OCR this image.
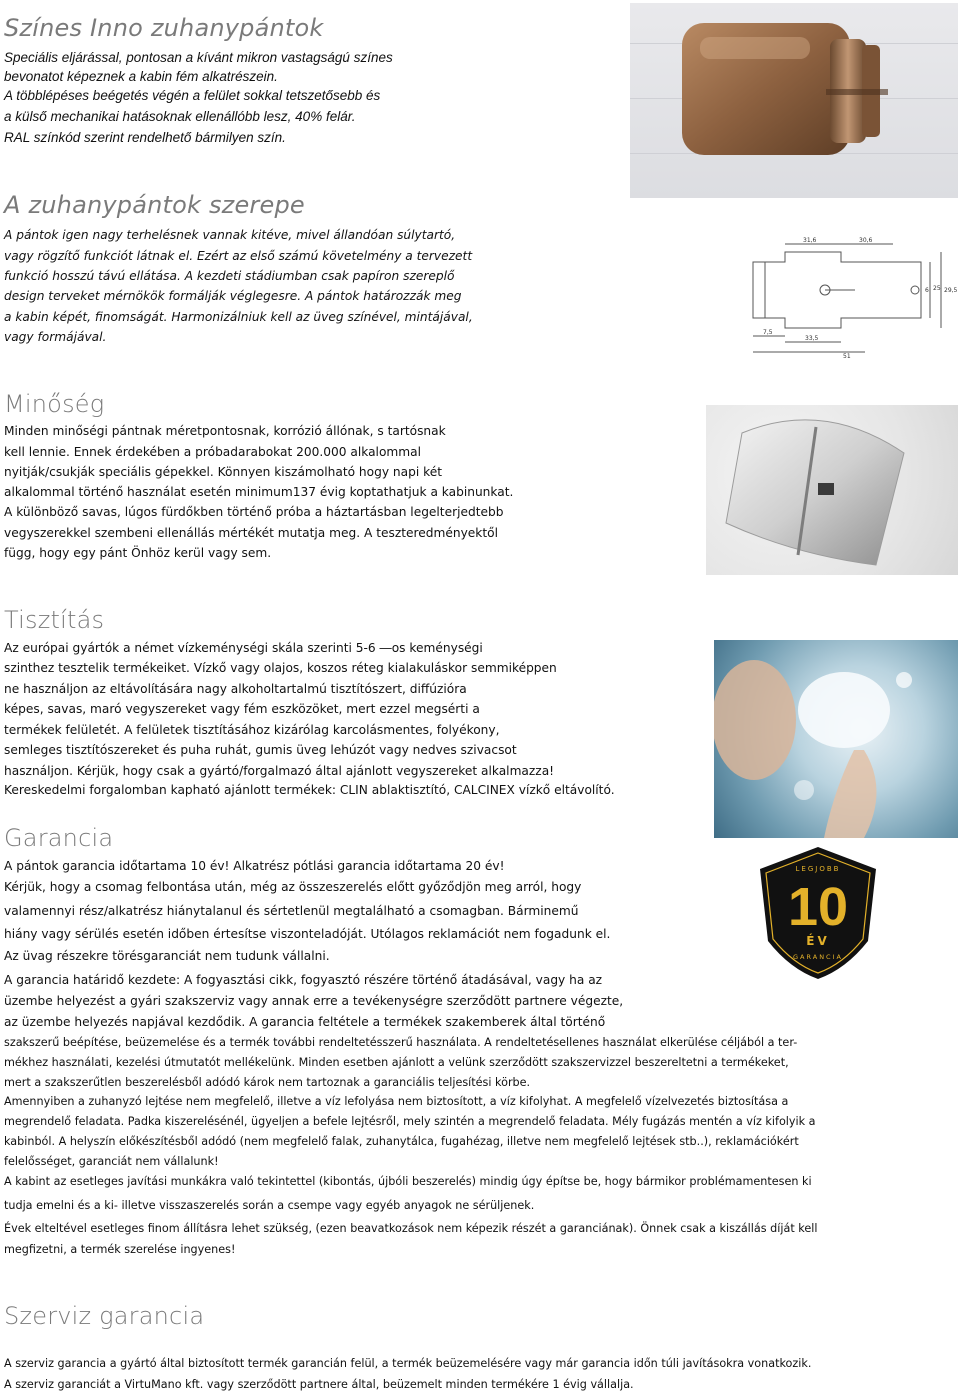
Színes Inno zuhanypántok

Speciális eljárással, pontosan a kívánt mikron vastagságú színes

bevonatot képeznek a kabin fém alkatrészein.

A többlépéses beégetés végén a felület sokkal tetszetősebb és

a külső mechanikai hatásoknak ellenállóbb lesz, 40% felár.

RAL színkód szerint rendelhető bármilyen szín.

A zuhanypántok szerepe

A pántok igen nagy terhelésnek vannak kitéve, mivel állandóan súlytartó,

vagy rögzítő funkciót látnak el. Ezért az első számú követelmény a tervezett

funkció hosszú távú ellátása. A kezdeti stádiumban csak papíron szereplő

design terveket mérnökök formálják véglegesre. A pántok határozzák meg

a kabin képét, finomságát. Harmonizálniuk kell az üveg színével, mintájával,

vagy formájával.

31,6	30,6
6 25 29,5
7,5
33,5
51
Minőség

Minden minőségi pántnak méretpontosnak, korrózió állónak, s tartósnak

kell lennie. Ennek érdekében a próbadarabokat 200.000 alkalommal

nyitják/csukják speciális gépekkel. Könnyen kiszámolható hogy napi két

alkalommal történő használat esetén minimum137 évig koptathatjuk a kabinunkat.

A különböző savas, lúgos fürdőkben történő próba a háztartásban legelterjedtebb

vegyszerekkel szembeni ellenállás mértékét mutatja meg. A teszteredményektől

függ, hogy egy pánt Önhöz kerül vagy sem.

Tisztítás

Az európai gyártók a német vízkeménységi skála szerinti 5-6 ―os keménységi

szinthez tesztelik termékeiket. Vízkő vagy olajos, koszos réteg kialakuláskor semmiképpen

ne használjon az eltávolítására nagy alkoholtartalmú tisztítószert, diffúzióra

képes, savas, maró vegyszereket vagy fém eszközöket, mert ezzel megsérti a

termékek felületét. A felületek tisztításához kizárólag karcolásmentes, folyékony,

semleges tisztítószereket és puha ruhát, gumis üveg lehúzót vagy nedves szivacsot

használjon. Kérjük, hogy csak a gyártó/forgalmazó által ajánlott vegyszereket alkalmazza!

Kereskedelmi forgalomban kapható ajánlott termékek: CLIN ablaktisztító, CALCINEX vízkő eltávolító.

Garancia

A pántok garancia időtartama 10 év! Alkatrész pótlási garancia időtartama 20 év!

Kérjük, hogy a csomag felbontása után, még az összeszerelés előtt győződjön meg arról, hogy

valamennyi rész/alkatrész hiánytalanul és sértetlenül megtalálható a csomagban. Bárminemű

hiány vagy sérülés esetén időben értesítse viszonteladóját. Utólagos reklamációt nem fogadunk el.

Az üvag részekre törésgaranciát nem tudunk vállalni.

A garancia határidő kezdete: A fogyasztási cikk, fogyasztó részére történő átadásával, vagy ha az

üzembe helyezést a gyári szakszerviz vagy annak erre a tevékenységre szerződött partnere végezte,

az üzembe helyezés napjával kezdődik. A garancia feltétele a termékek szakemberek által történő

szakszerű beépítése, beüzemelése és a termék további rendeltetésszerű használata. A rendeltetésellenes használat elkerülése céljából a ter-

mékhez használati, kezelési útmutatót mellékelünk. Minden esetben ajánlott a velünk szerződött szakszervizzel beszereltetni a termékeket,

mert a szakszerűtlen beszerelésből adódó károk nem tartoznak a garanciális teljesítési körbe.

Amennyiben a zuhanyzó lejtése nem megfelelő, illetve a víz lefolyása nem biztosított, a víz kifolyhat. A megfelelő vízelvezetés biztosítása a

megrendelő feladata. Padka kiszerelésénél, ügyeljen a befele lejtésről, mely szintén a megrendelő feladata. Mély fugázás mentén a víz kifolyik a

kabinból. A helyszín előkészítésből adódó (nem megfelelő falak, zuhanytálca, fugahézag, illetve nem megfelelő lejtések stb..), reklamációkért

felelősséget, garanciát nem vállalunk!

A kabint az esetleges javítási munkákra való tekintettel (kibontás, újbóli beszerelés) mindig úgy építse be, hogy bármikor problémamentesen ki

tudja emelni és a ki- illetve visszaszerelés során a csempe vagy egyéb anyagok ne sérüljenek.

Évek elteltével esetleges finom állításra lehet szükség, (ezen beavatkozások nem képezik részét a garanciának). Önnek csak a kiszállás díját kell

megfizetni, a termék szerelése ingyenes!

LEGJOBB
10
ÉV
GARANCIA
Szerviz garancia

A szerviz garancia a gyártó által biztosított termék garancián felül, a termék beüzemelésére vagy már garancia időn túli javításokra vonatkozik.

A szerviz garanciát a VirtuMano kft. vagy szerződött partnere által, beüzemelt minden termékére 1 évig vállalja.
